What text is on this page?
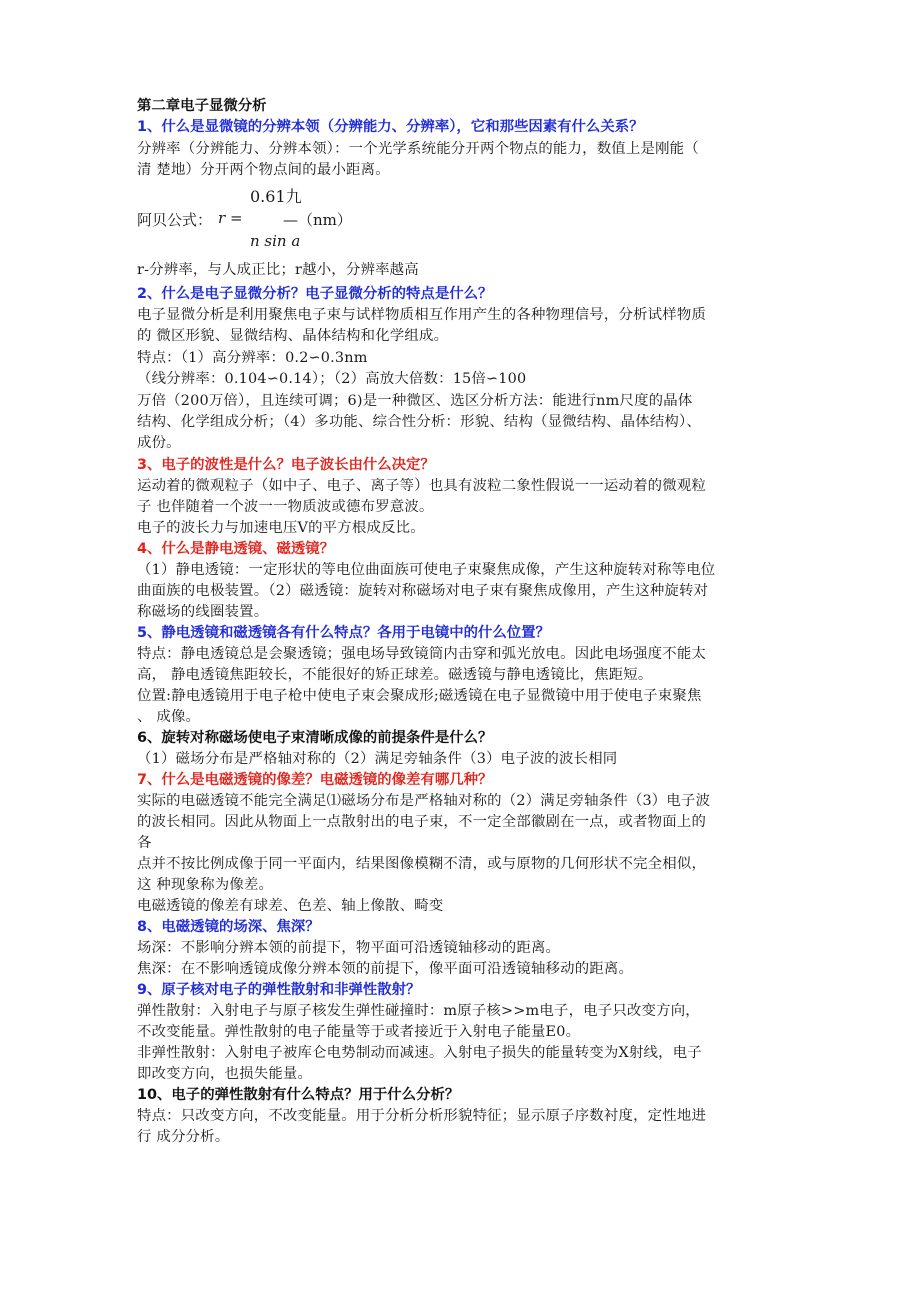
第二章电子显微分析
1、什么是显微镜的分辨本领（分辨能力、分辨率），它和那些因素有什么关系？
分辨率（分辨能力、分辨本领）：一个光学系统能分开两个物点的能力，数值上是刚能（
清 楚地）分开两个物点间的最小距离。
0.61九
阿贝公式： r =	—（nm）
n sin a
r-分辨率，与人成正比；r越小，分辨率越高
2、什么是电子显微分析？电子显微分析的特点是什么？
电子显微分析是利用聚焦电子束与试样物质相互作用产生的各种物理信号，分析试样物质
的 微区形貌、显微结构、晶体结构和化学组成。
特点：（1）高分辨率：0.2∽0.3nm
（线分辨率：0.104∽0.14）；（2）高放大倍数：15倍∽100
万倍（200万倍），且连续可调；6)是一种微区、选区分析方法：能进行nm尺度的晶体
结构、化学组成分析；（4）多功能、综合性分析：形貌、结构（显微结构、晶体结构）、
成份。
3、电子的波性是什么？电子波长由什么决定？
运动着的微观粒子（如中子、电子、离子等）也具有波粒二象性假说一一运动着的微观粒
子 也伴随着一个波一一物质波或德布罗意波。
电子的波长力与加速电压V的平方根成反比。
4、什么是静电透镜、磁透镜？
（1）静电透镜：一定形状的等电位曲面族可使电子束聚焦成像，产生这种旋转对称等电位
曲面族的电极装置。（2）磁透镜：旋转对称磁场对电子束有聚焦成像用，产生这种旋转对
称磁场的线圈装置。
5、静电透镜和磁透镜各有什么特点？各用于电镜中的什么位置？
特点：静电透镜总是会聚透镜；强电场导致镜筒内击穿和弧光放电。因此电场强度不能太
高， 静电透镜焦距较长，不能很好的矫正球差。磁透镜与静电透镜比，焦距短。
位置:静电透镜用于电子枪中使电子束会聚成形;磁透镜在电子显微镜中用于使电子束聚焦
、 成像。
6、旋转对称磁场使电子束清晰成像的前提条件是什么？
（1）磁场分布是严格轴对称的（2）满足旁轴条件（3）电子波的波长相同
7、什么是电磁透镜的像差？电磁透镜的像差有哪几种？
实际的电磁透镜不能完全满足⑴磁场分布是严格轴对称的（2）满足旁轴条件（3）电子波
的波长相同。因此从物面上一点散射出的电子束，不一定全部徽剧在一点，或者物面上的
各
点并不按比例成像于同一平面内，结果图像模糊不清，或与原物的几何形状不完全相似，
这 种现象称为像差。
电磁透镜的像差有球差、色差、轴上像散、畸变
8、电磁透镜的场深、焦深？
场深：不影响分辨本领的前提下，物平面可沿透镜轴移动的距离。
焦深：在不影响透镜成像分辨本领的前提下，像平面可沿透镜轴移动的距离。
9、原子核对电子的弹性散射和非弹性散射？
弹性散射：入射电子与原子核发生弹性碰撞时：m原子核>>m电子，电子只改变方向，
不改变能量。弹性散射的电子能量等于或者接近于入射电子能量E0。
非弹性散射：入射电子被库仑电势制动而减速。入射电子损失的能量转变为X射线，电子
即改变方向，也损失能量。
10、电子的弹性散射有什么特点？用于什么分析？
特点：只改变方向，不改变能量。用于分析分析形貌特征；显示原子序数衬度，定性地进
行 成分分析。
